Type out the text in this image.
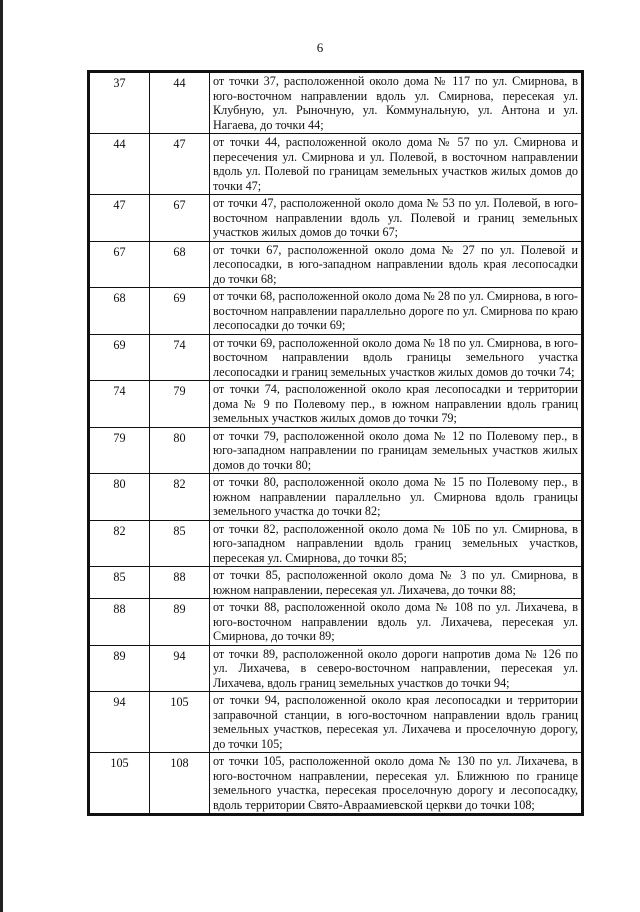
6
37	44	от точки 37, расположенной около дома № 117 по ул. Смирнова, в юго-восточном направлении вдоль ул. Смирнова, пересекая ул. Клубную, ул. Рыночную, ул. Коммунальную, ул. Антона и ул. Нагаева, до точки 44;
44	47	от точки 44, расположенной около дома № 57 по ул. Смирнова и пересечения ул. Смирнова и ул. Полевой, в восточном направлении вдоль ул. Полевой по границам земельных участков жилых домов до точки 47;
47	67	от точки 47, расположенной около дома № 53 по ул. Полевой, в юго-восточном направлении вдоль ул. Полевой и границ земельных участков жилых домов до точки 67;
67	68	от точки 67, расположенной около дома № 27 по ул. Полевой и лесопосадки, в юго-западном направлении вдоль края лесопосадки до точки 68;
68	69	от точки 68, расположенной около дома № 28 по ул. Смирнова, в юго-восточном направлении параллельно дороге по ул. Смирнова по краю лесопосадки до точки 69;
69	74	от точки 69, расположенной около дома № 18 по ул. Смирнова, в юго-восточном направлении вдоль границы земельного участка лесопосадки и границ земельных участков жилых домов до точки 74;
74	79	от точки 74, расположенной около края лесопосадки и территории дома № 9 по Полевому пер., в южном направлении вдоль границ земельных участков жилых домов до точки 79;
79	80	от точки 79, расположенной около дома № 12 по Полевому пер., в юго-западном направлении по границам земельных участков жилых домов до точки 80;
80	82	от точки 80, расположенной около дома № 15 по Полевому пер., в южном направлении параллельно ул. Смирнова вдоль границы земельного участка до точки 82;
82	85	от точки 82, расположенной около дома № 10Б по ул. Смирнова, в юго-западном направлении вдоль границ земельных участков, пересекая ул. Смирнова, до точки 85;
85	88	от точки 85, расположенной около дома № 3 по ул. Смирнова, в южном направлении, пересекая ул. Лихачева, до точки 88;
88	89	от точки 88, расположенной около дома № 108 по ул. Лихачева, в юго-восточном направлении вдоль ул. Лихачева, пересекая ул. Смирнова, до точки 89;
89	94	от точки 89, расположенной около дороги напротив дома № 126 по ул. Лихачева, в северо-восточном направлении, пересекая ул. Лихачева, вдоль границ земельных участков до точки 94;
94	105	от точки 94, расположенной около края лесопосадки и территории заправочной станции, в юго-восточном направлении вдоль границ земельных участков, пересекая ул. Лихачева и проселочную дорогу, до точки 105;
105	108	от точки 105, расположенной около дома № 130 по ул. Лихачева, в юго-восточном направлении, пересекая ул. Ближнюю по границе земельного участка, пересекая проселочную дорогу и лесопосадку, вдоль территории Свято-Авраамиевской церкви до точки 108;
